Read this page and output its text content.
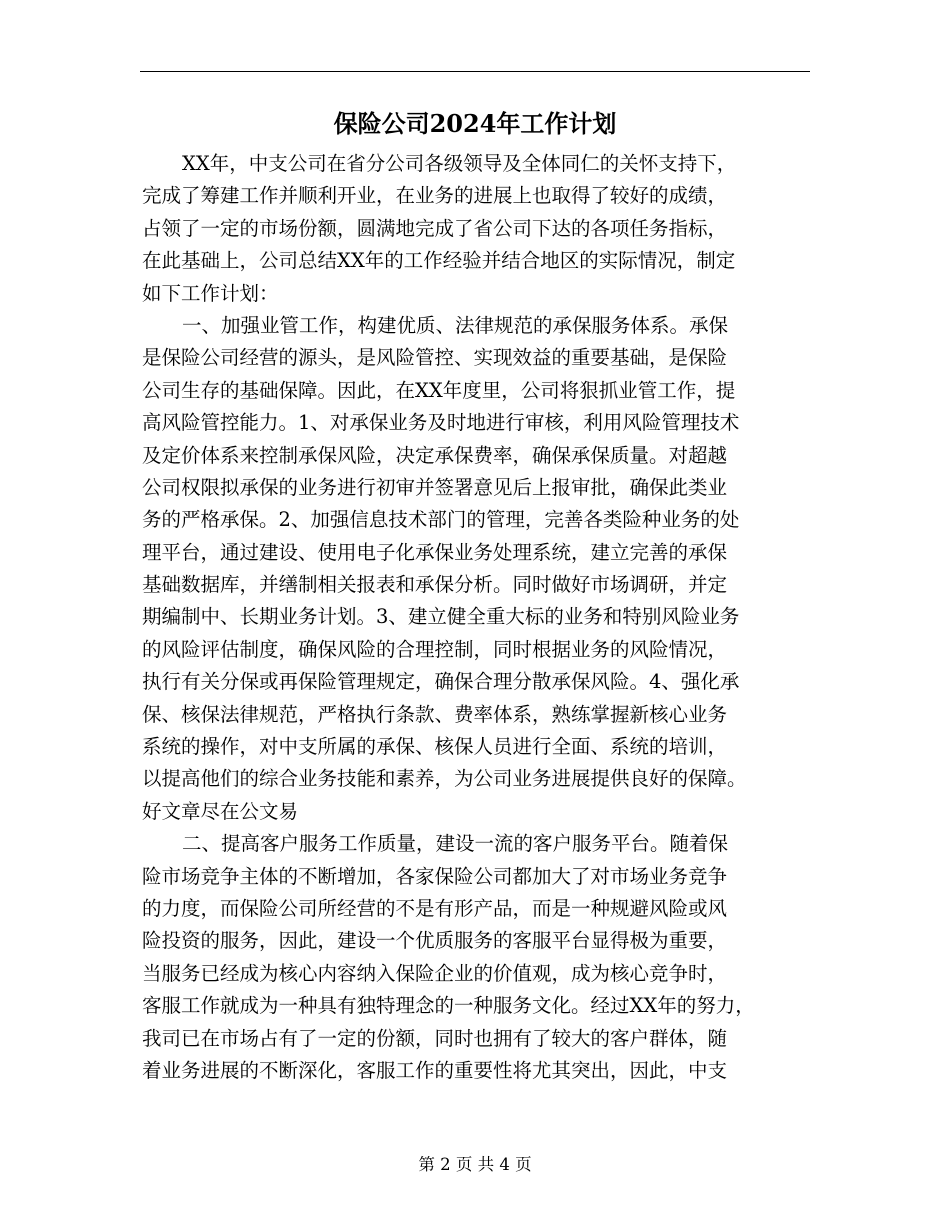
保险公司2024年工作计划
XX年，中支公司在省分公司各级领导及全体同仁的关怀支持下，
完成了筹建工作并顺利开业，在业务的进展上也取得了较好的成绩，
占领了一定的市场份额，圆满地完成了省公司下达的各项任务指标，
在此基础上，公司总结XX年的工作经验并结合地区的实际情况，制定
如下工作计划：
一、加强业管工作，构建优质、法律规范的承保服务体系。承保
是保险公司经营的源头，是风险管控、实现效益的重要基础，是保险
公司生存的基础保障。因此，在XX年度里，公司将狠抓业管工作，提
高风险管控能力。1、对承保业务及时地进行审核，利用风险管理技术
及定价体系来控制承保风险，决定承保费率，确保承保质量。对超越
公司权限拟承保的业务进行初审并签署意见后上报审批，确保此类业
务的严格承保。2、加强信息技术部门的管理，完善各类险种业务的处
理平台，通过建设、使用电子化承保业务处理系统，建立完善的承保
基础数据库，并缮制相关报表和承保分析。同时做好市场调研，并定
期编制中、长期业务计划。3、建立健全重大标的业务和特别风险业务
的风险评估制度，确保风险的合理控制，同时根据业务的风险情况，
执行有关分保或再保险管理规定，确保合理分散承保风险。4、强化承
保、核保法律规范，严格执行条款、费率体系，熟练掌握新核心业务
系统的操作，对中支所属的承保、核保人员进行全面、系统的培训，
以提高他们的综合业务技能和素养，为公司业务进展提供良好的保障。
好文章尽在公文易
二、提高客户服务工作质量，建设一流的客户服务平台。随着保
险市场竞争主体的不断增加，各家保险公司都加大了对市场业务竞争
的力度，而保险公司所经营的不是有形产品，而是一种规避风险或风
险投资的服务，因此，建设一个优质服务的客服平台显得极为重要，
当服务已经成为核心内容纳入保险企业的价值观，成为核心竞争时，
客服工作就成为一种具有独特理念的一种服务文化。经过XX年的努力，
我司已在市场占有了一定的份额，同时也拥有了较大的客户群体，随
着业务进展的不断深化，客服工作的重要性将尤其突出，因此，中支
第 2 页 共 4 页
